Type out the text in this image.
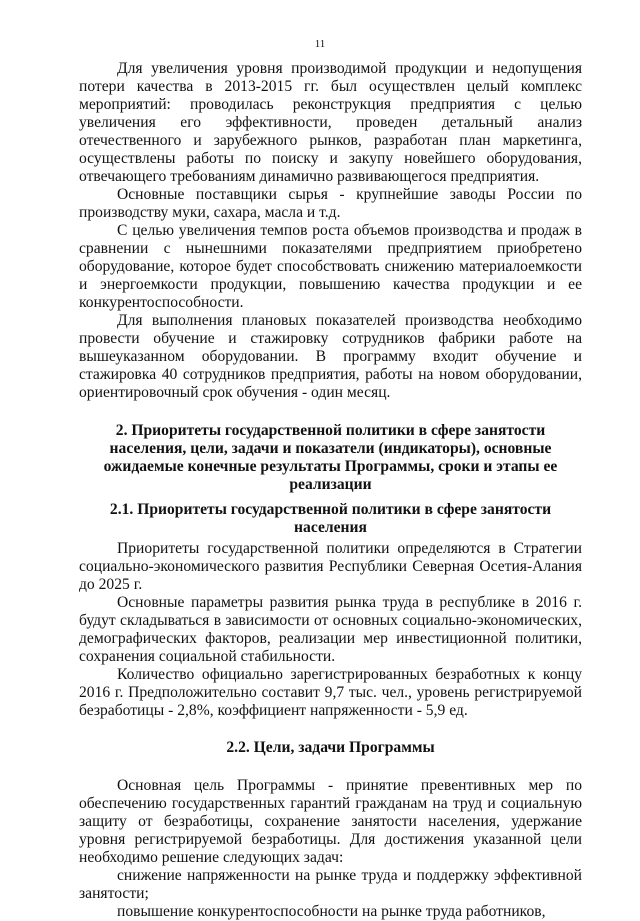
11

Для увеличения уровня производимой продукции и недопущения потери качества в 2013-2015 гг. был осуществлен целый комплекс мероприятий: проводилась реконструкция предприятия с целью увеличения его эффективности, проведен детальный анализ отечественного и зарубежного рынков, разработан план маркетинга, осуществлены работы по поиску и закупу новейшего оборудования, отвечающего требованиям динамично развивающегося предприятия.

Основные поставщики сырья - крупнейшие заводы России по производству муки, сахара, масла и т.д.

С целью увеличения темпов роста объемов производства и продаж в сравнении с нынешними показателями предприятием приобретено оборудование, которое будет способствовать снижению материалоемкости и энергоемкости продукции, повышению качества продукции и ее конкурентоспособности.

Для выполнения плановых показателей производства необходимо провести обучение и стажировку сотрудников фабрики работе на вышеуказанном оборудовании. В программу входит обучение и стажировка 40 сотрудников предприятия, работы на новом оборудовании, ориентировочный срок обучения - один месяц.

2. Приоритеты государственной политики в сфере занятости населения, цели, задачи и показатели (индикаторы), основные ожидаемые конечные результаты Программы, сроки и этапы ее реализации

2.1. Приоритеты государственной политики в сфере занятости населения

Приоритеты государственной политики определяются в Стратегии социально-экономического развития Республики Северная Осетия-Алания до 2025 г.

Основные параметры развития рынка труда в республике в 2016 г. будут складываться в зависимости от основных социально-экономических, демографических факторов, реализации мер инвестиционной политики, сохранения социальной стабильности.

Количество официально зарегистрированных безработных к концу 2016 г. Предположительно составит 9,7 тыс. чел., уровень регистрируемой безработицы - 2,8%, коэффициент напряженности - 5,9 ед.

2.2. Цели, задачи Программы

Основная цель Программы - принятие превентивных мер по обеспечению государственных гарантий гражданам на труд и социальную защиту от безработицы, сохранение занятости населения, удержание уровня регистрируемой безработицы. Для достижения указанной цели необходимо решение следующих задач:

снижение напряженности на рынке труда и поддержку эффективной занятости;

повышение конкурентоспособности на рынке труда работников,
